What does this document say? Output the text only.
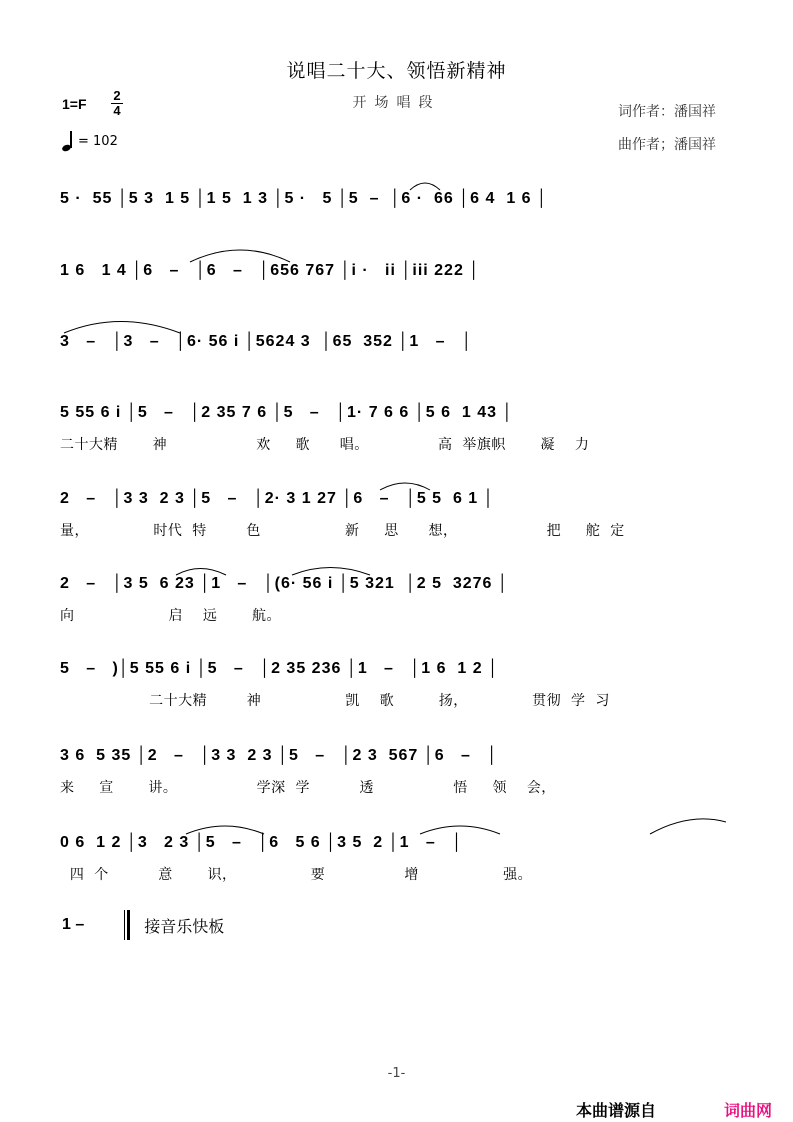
说唱二十大、领悟新精神
开场唱段
1=F
2
4
= 102
词作者：潘国祥
曲作者；潘国祥
5 ·  55 │5 3  1 5 │1 5  1 3 │5 ·   5 │5  –  │6 ·  66 │6 4  1 6 │
1 6   1 4 │6   –   │6   –   │656 767 │i ·   ii │iii 222 │
3   –   │3   –   │6· 56 i │5624 3  │65  352 │1   –   │
5 55 6 i │5   –   │2 35 7 6 │5   –   │1· 7 6 6 │5 6  1 43 │
二十大精       神                  欢     歌      唱。              高  举旗帜       凝    力
2   –   │3 3  2 3 │5   –   │2· 3 1 27 │6   –   │5 5  6 1 │
量，             时代  特        色                 新     思      想，                  把     舵  定
2   –   │3 5  6 23 │1   –   │(6· 56 i │5 321  │2 5  3276 │
向                   启    远       航。
5   –   )│5 55 6 i │5   –   │2 35 236 │1   –   │1 6  1 2 │
二十大精        神                 凯    歌         扬，             贯彻  学  习
3 6  5 35 │2   –   │3 3  2 3 │5   –   │2 3  567 │6   –   │
来     宣       讲。                学深  学          透                悟     领    会，
0 6  1 2 │3   2 3 │5   –   │6   5 6 │3 5  2 │1   –   │
四  个          意       识，               要                增                 强。
1 –	接音乐快板
-1-
本曲谱源自	词曲网
